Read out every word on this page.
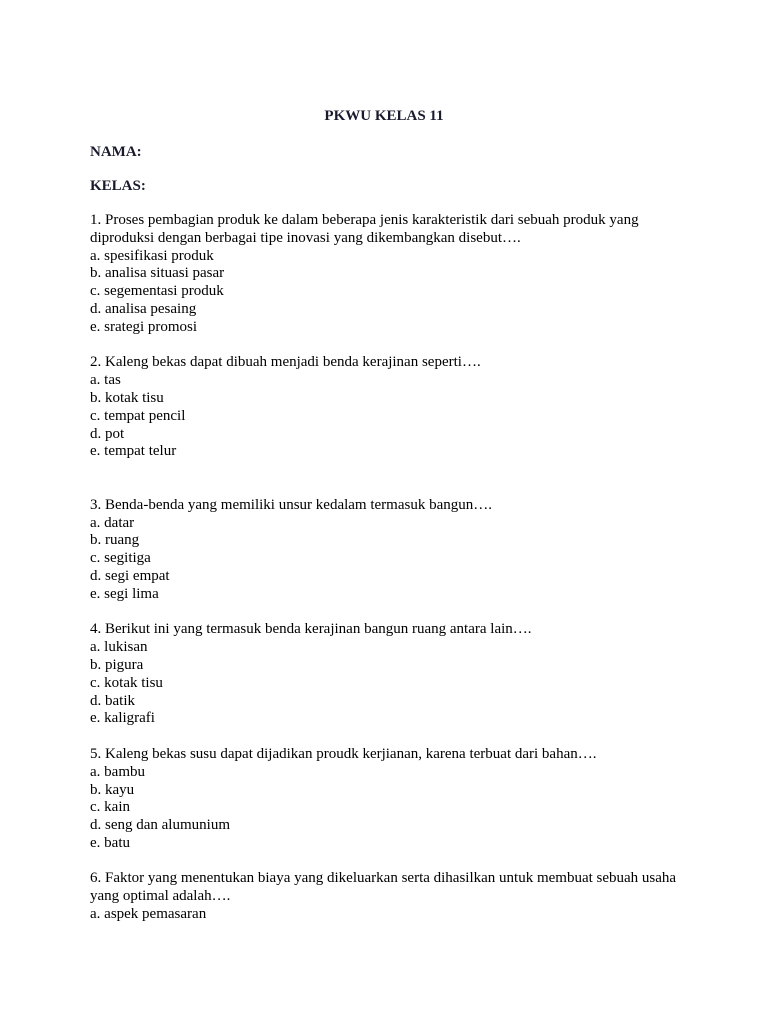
PKWU KELAS 11
NAMA:
KELAS:
1. Proses pembagian produk ke dalam beberapa jenis karakteristik dari sebuah produk yang diproduksi dengan berbagai tipe inovasi yang dikembangkan disebut….
a. spesifikasi produk
b. analisa situasi pasar
c. segementasi produk
d. analisa pesaing
e. srategi promosi
2. Kaleng bekas dapat dibuah menjadi benda kerajinan seperti….
a. tas
b. kotak tisu
c. tempat pencil
d. pot
e. tempat telur
3. Benda-benda yang memiliki unsur kedalam termasuk bangun….
a. datar
b. ruang
c. segitiga
d. segi empat
e. segi lima
4. Berikut ini yang termasuk benda kerajinan bangun ruang antara lain….
a. lukisan
b. pigura
c. kotak tisu
d. batik
e. kaligrafi
5. Kaleng bekas susu dapat dijadikan proudk kerjianan, karena terbuat dari bahan….
a. bambu
b. kayu
c. kain
d. seng dan alumunium
e. batu
6. Faktor yang menentukan biaya yang dikeluarkan serta dihasilkan untuk membuat sebuah usaha yang optimal adalah….
a. aspek pemasaran
